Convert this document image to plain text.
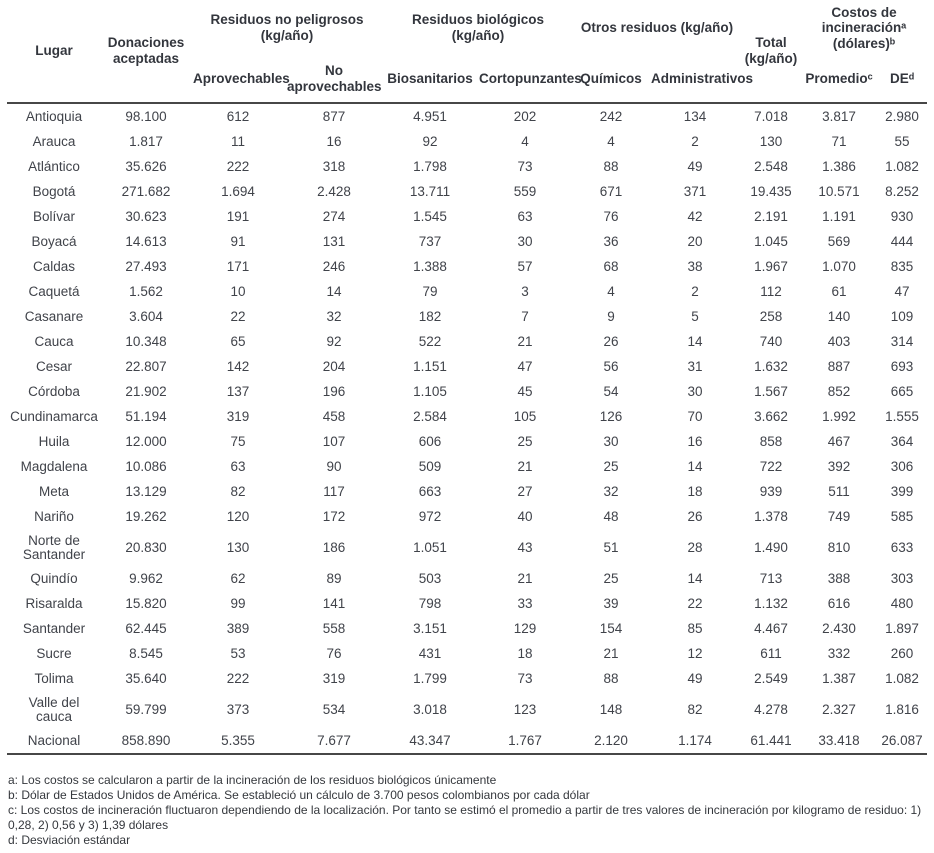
Lugar	Donaciones aceptadas	Residuos no peligrosos (kg/año)		Residuos biológicos (kg/año)		Otros residuos (kg/año)		Total (kg/año)	Costos de incineraciónᵃ (dólares)ᵇ	
		Aprovechables	No aprovechables	Biosanitarios	Cortopunzantes	Químicos	Administrativos		Promedioᶜ	DEᵈ
Antioquia	98.100	612	877	4.951	202	242	134	7.018	3.817	2.980
Arauca	1.817	11	16	92	4	4	2	130	71	55
Atlántico	35.626	222	318	1.798	73	88	49	2.548	1.386	1.082
Bogotá	271.682	1.694	2.428	13.711	559	671	371	19.435	10.571	8.252
Bolívar	30.623	191	274	1.545	63	76	42	2.191	1.191	930
Boyacá	14.613	91	131	737	30	36	20	1.045	569	444
Caldas	27.493	171	246	1.388	57	68	38	1.967	1.070	835
Caquetá	1.562	10	14	79	3	4	2	112	61	47
Casanare	3.604	22	32	182	7	9	5	258	140	109
Cauca	10.348	65	92	522	21	26	14	740	403	314
Cesar	22.807	142	204	1.151	47	56	31	1.632	887	693
Córdoba	21.902	137	196	1.105	45	54	30	1.567	852	665
Cundinamarca	51.194	319	458	2.584	105	126	70	3.662	1.992	1.555
Huila	12.000	75	107	606	25	30	16	858	467	364
Magdalena	10.086	63	90	509	21	25	14	722	392	306
Meta	13.129	82	117	663	27	32	18	939	511	399
Nariño	19.262	120	172	972	40	48	26	1.378	749	585
Norte de Santander	20.830	130	186	1.051	43	51	28	1.490	810	633
Quindío	9.962	62	89	503	21	25	14	713	388	303
Risaralda	15.820	99	141	798	33	39	22	1.132	616	480
Santander	62.445	389	558	3.151	129	154	85	4.467	2.430	1.897
Sucre	8.545	53	76	431	18	21	12	611	332	260
Tolima	35.640	222	319	1.799	73	88	49	2.549	1.387	1.082
Valle del cauca	59.799	373	534	3.018	123	148	82	4.278	2.327	1.816
Nacional	858.890	5.355	7.677	43.347	1.767	2.120	1.174	61.441	33.418	26.087

a: Los costos se calcularon a partir de la incineración de los residuos biológicos únicamente

b: Dólar de Estados Unidos de América. Se estableció un cálculo de 3.700 pesos colombianos por cada dólar

c: Los costos de incineración fluctuaron dependiendo de la localización. Por tanto se estimó el promedio a partir de tres valores de incineración por kilogramo de residuo: 1) 0,28, 2) 0,56 y 3) 1,39 dólares

d: Desviación estándar
